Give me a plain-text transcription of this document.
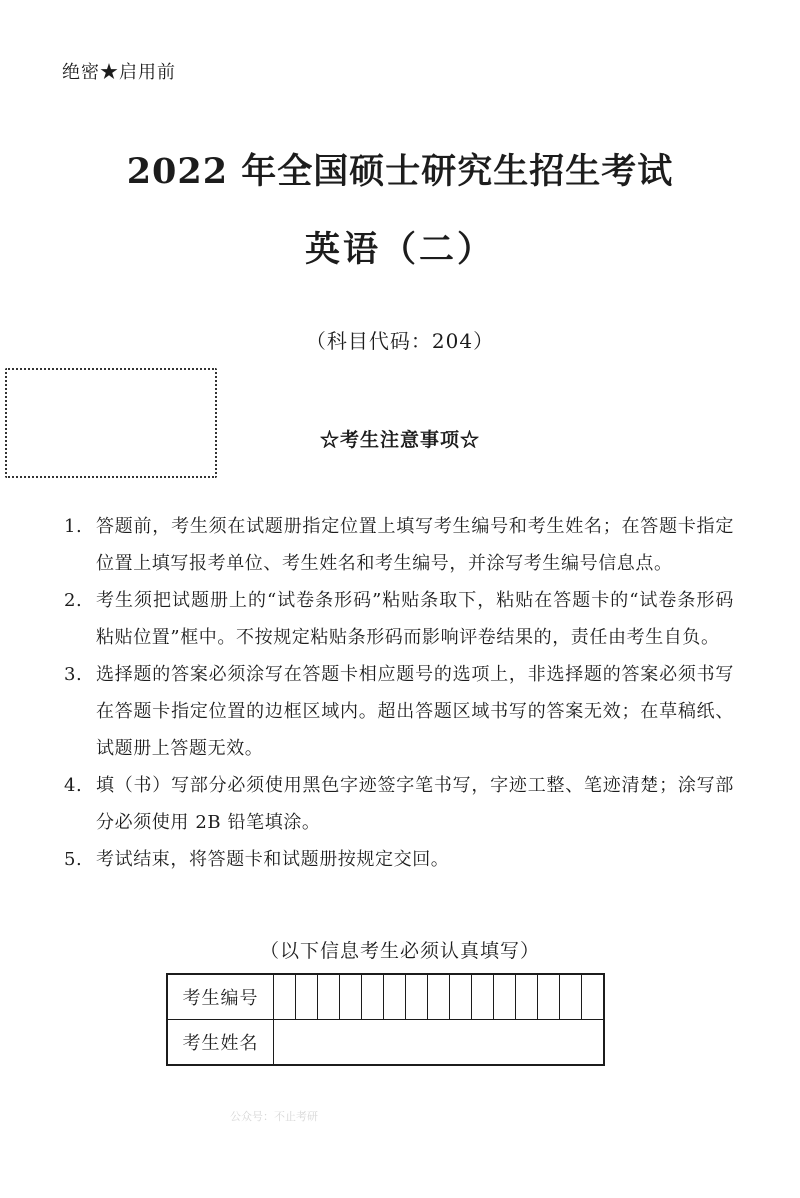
绝密★启用前
2022 年全国硕士研究生招生考试
英语（二）
（科目代码：204）
☆考生注意事项☆
1. 答题前，考生须在试题册指定位置上填写考生编号和考生姓名；在答题卡指定位置上填写报考单位、考生姓名和考生编号，并涂写考生编号信息点。
2. 考生须把试题册上的“试卷条形码”粘贴条取下，粘贴在答题卡的“试卷条形码粘贴位置”框中。不按规定粘贴条形码而影响评卷结果的，责任由考生自负。
3. 选择题的答案必须涂写在答题卡相应题号的选项上，非选择题的答案必须书写在答题卡指定位置的边框区域内。超出答题区域书写的答案无效；在草稿纸、试题册上答题无效。
4. 填（书）写部分必须使用黑色字迹签字笔书写，字迹工整、笔迹清楚；涂写部分必须使用 2B 铅笔填涂。
5. 考试结束，将答题卡和试题册按规定交回。
（以下信息考生必须认真填写）
考生编号															
考生姓名															
公众号：不止考研
